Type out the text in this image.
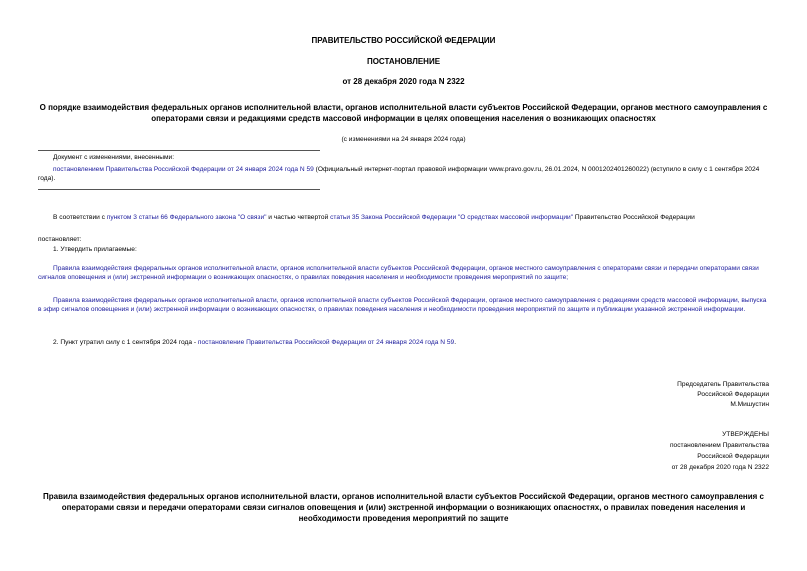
ПРАВИТЕЛЬСТВО РОССИЙСКОЙ ФЕДЕРАЦИИ
ПОСТАНОВЛЕНИЕ
от 28 декабря 2020 года N 2322
О порядке взаимодействия федеральных органов исполнительной власти, органов исполнительной власти субъектов Российской Федерации, органов местного самоуправления с операторами связи и редакциями средств массовой информации в целях оповещения населения о возникающих опасностях
(с изменениями на 24 января 2024 года)
Документ с изменениями, внесенными:
постановлением Правительства Российской Федерации от 24 января 2024 года N 59 (Официальный интернет-портал правовой информации www.pravo.gov.ru, 26.01.2024, N 0001202401260022) (вступило в силу с 1 сентября 2024 года).
В соответствии с пунктом 3 статьи 66 Федерального закона "О связи" и частью четвертой статьи 35 Закона Российской Федерации "О средствах массовой информации" Правительство Российской Федерации
постановляет:
1. Утвердить прилагаемые:
Правила взаимодействия федеральных органов исполнительной власти, органов исполнительной власти субъектов Российской Федерации, органов местного самоуправления с операторами связи и передачи операторами связи сигналов оповещения и (или) экстренной информации о возникающих опасностях, о правилах поведения населения и необходимости проведения мероприятий по защите;
Правила взаимодействия федеральных органов исполнительной власти, органов исполнительной власти субъектов Российской Федерации, органов местного самоуправления с редакциями средств массовой информации, выпуска в эфир сигналов оповещения и (или) экстренной информации о возникающих опасностях, о правилах поведения населения и необходимости проведения мероприятий по защите и публикации указанной экстренной информации.
2. Пункт утратил силу с 1 сентября 2024 года - постановление Правительства Российской Федерации от 24 января 2024 года N 59.
Председатель Правительства
Российской Федерации
М.Мишустин
УТВЕРЖДЕНЫ
постановлением Правительства
Российской Федерации
от 28 декабря 2020 года N 2322
Правила взаимодействия федеральных органов исполнительной власти, органов исполнительной власти субъектов Российской Федерации, органов местного самоуправления с операторами связи и передачи операторами связи сигналов оповещения и (или) экстренной информации о возникающих опасностях, о правилах поведения населения и необходимости проведения мероприятий по защите
